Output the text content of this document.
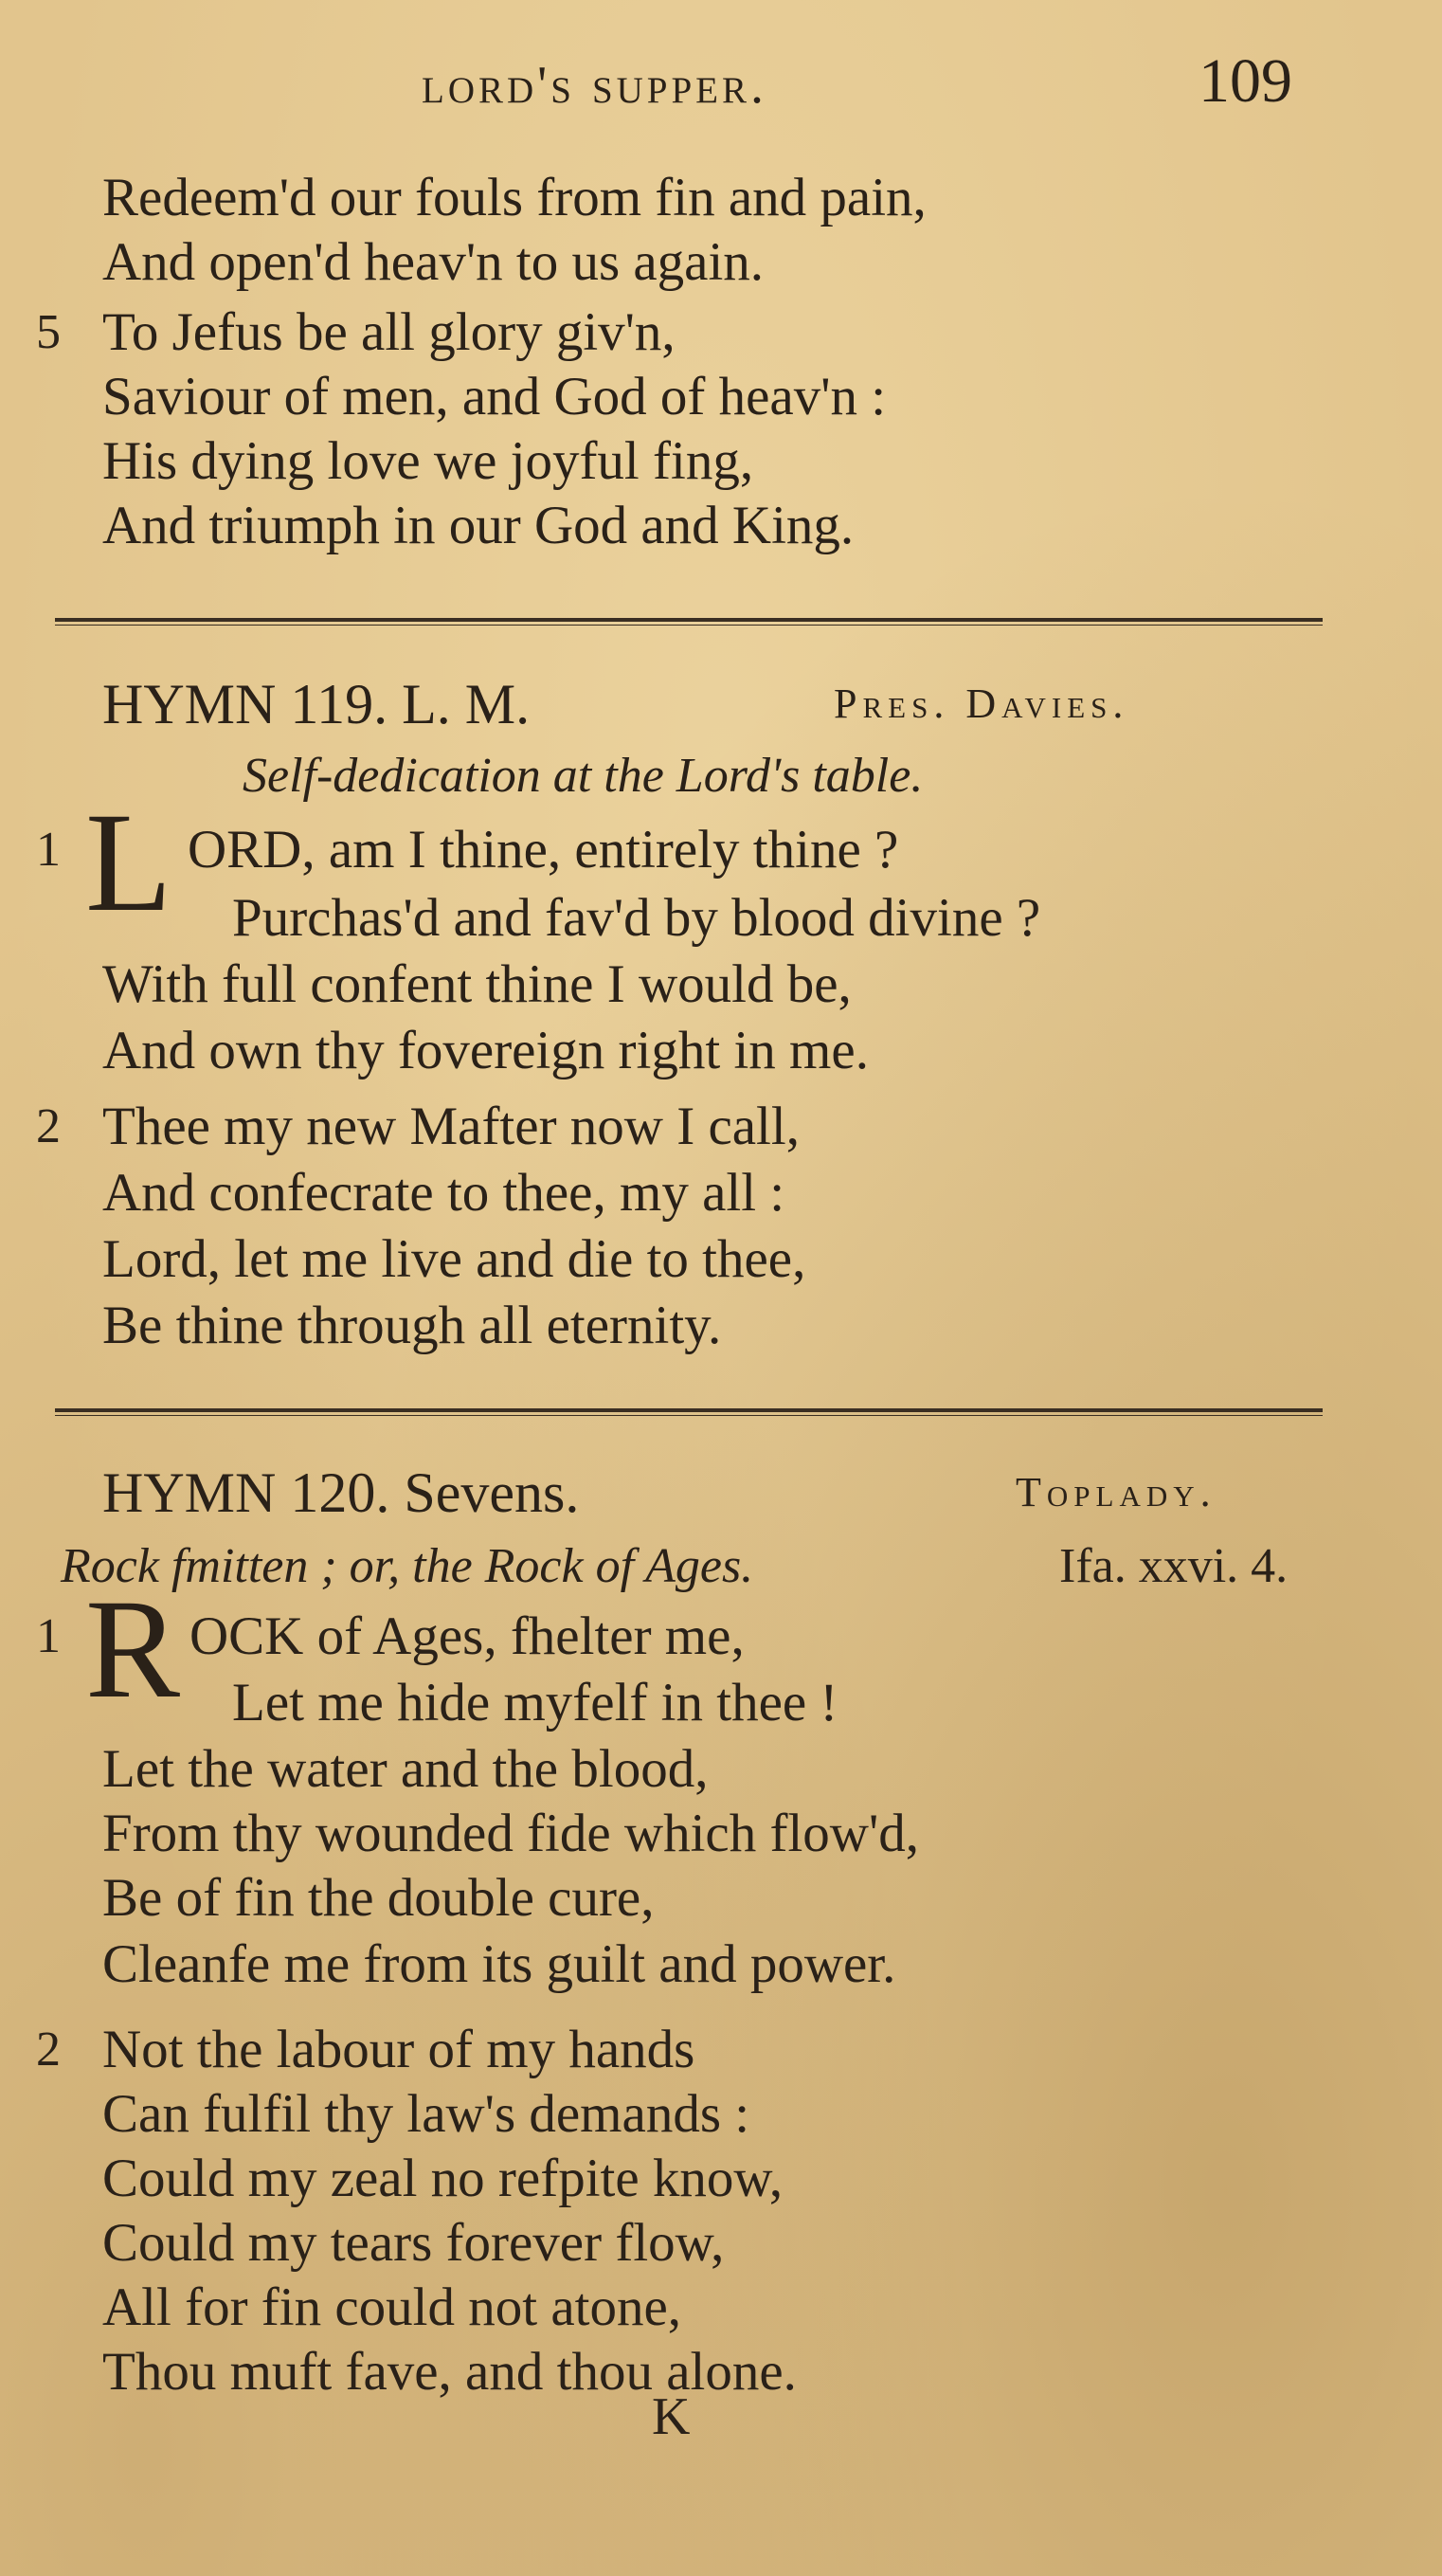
lord's supper.	109
Redeem'd our fouls from fin and pain,
And open'd heav'n to us again.
5 To Jefus be all glory giv'n,
Saviour of men, and God of heav'n :
His dying love we joyful fing,
And triumph in our God and King.
HYMN 119. L. M.	Pres. Davies.
Self-dedication at the Lord's table.
1 L ORD, am I thine, entirely thine ?
Purchas'd and fav'd by blood divine ?
With full confent thine I would be,
And own thy fovereign right in me.
2 Thee my new Mafter now I call,
And confecrate to thee, my all :
Lord, let me live and die to thee,
Be thine through all eternity.
HYMN 120. Sevens.	Toplady.
Rock fmitten ; or, the Rock of Ages.	Ifa. xxvi. 4.
1 R OCK of Ages, fhelter me,
Let me hide myfelf in thee !
Let the water and the blood,
From thy wounded fide which flow'd,
Be of fin the double cure,
Cleanfe me from its guilt and power.
2 Not the labour of my hands
Can fulfil thy law's demands :
Could my zeal no refpite know,
Could my tears forever flow,
All for fin could not atone,
Thou muft fave, and thou alone.
K
